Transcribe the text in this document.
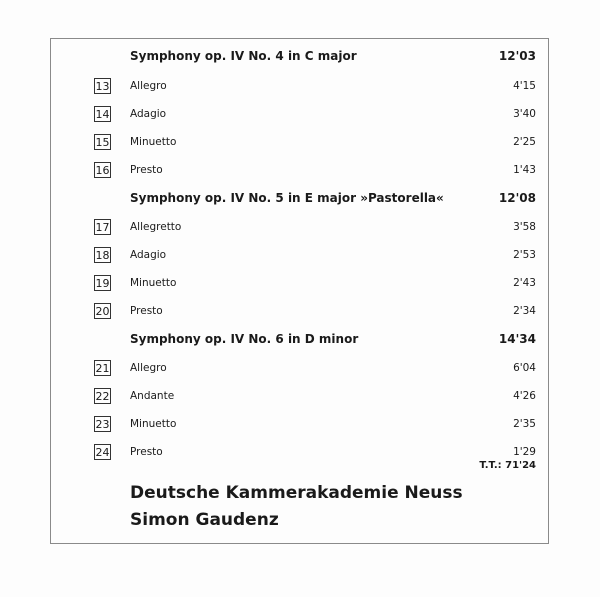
Symphony op. IV No. 4 in C major	12'03
13 Allegro	4'15
14 Adagio	3'40
15 Minuetto	2'25
16 Presto	1'43
Symphony op. IV No. 5 in E major »Pastorella«	12'08
17 Allegretto	3'58
18 Adagio	2'53
19 Minuetto	2'43
20 Presto	2'34
Symphony op. IV No. 6 in D minor	14'34
21 Allegro	6'04
22 Andante	4'26
23 Minuetto	2'35
24 Presto	1'29
T.T.: 71'24
Deutsche Kammerakademie Neuss
Simon Gaudenz
